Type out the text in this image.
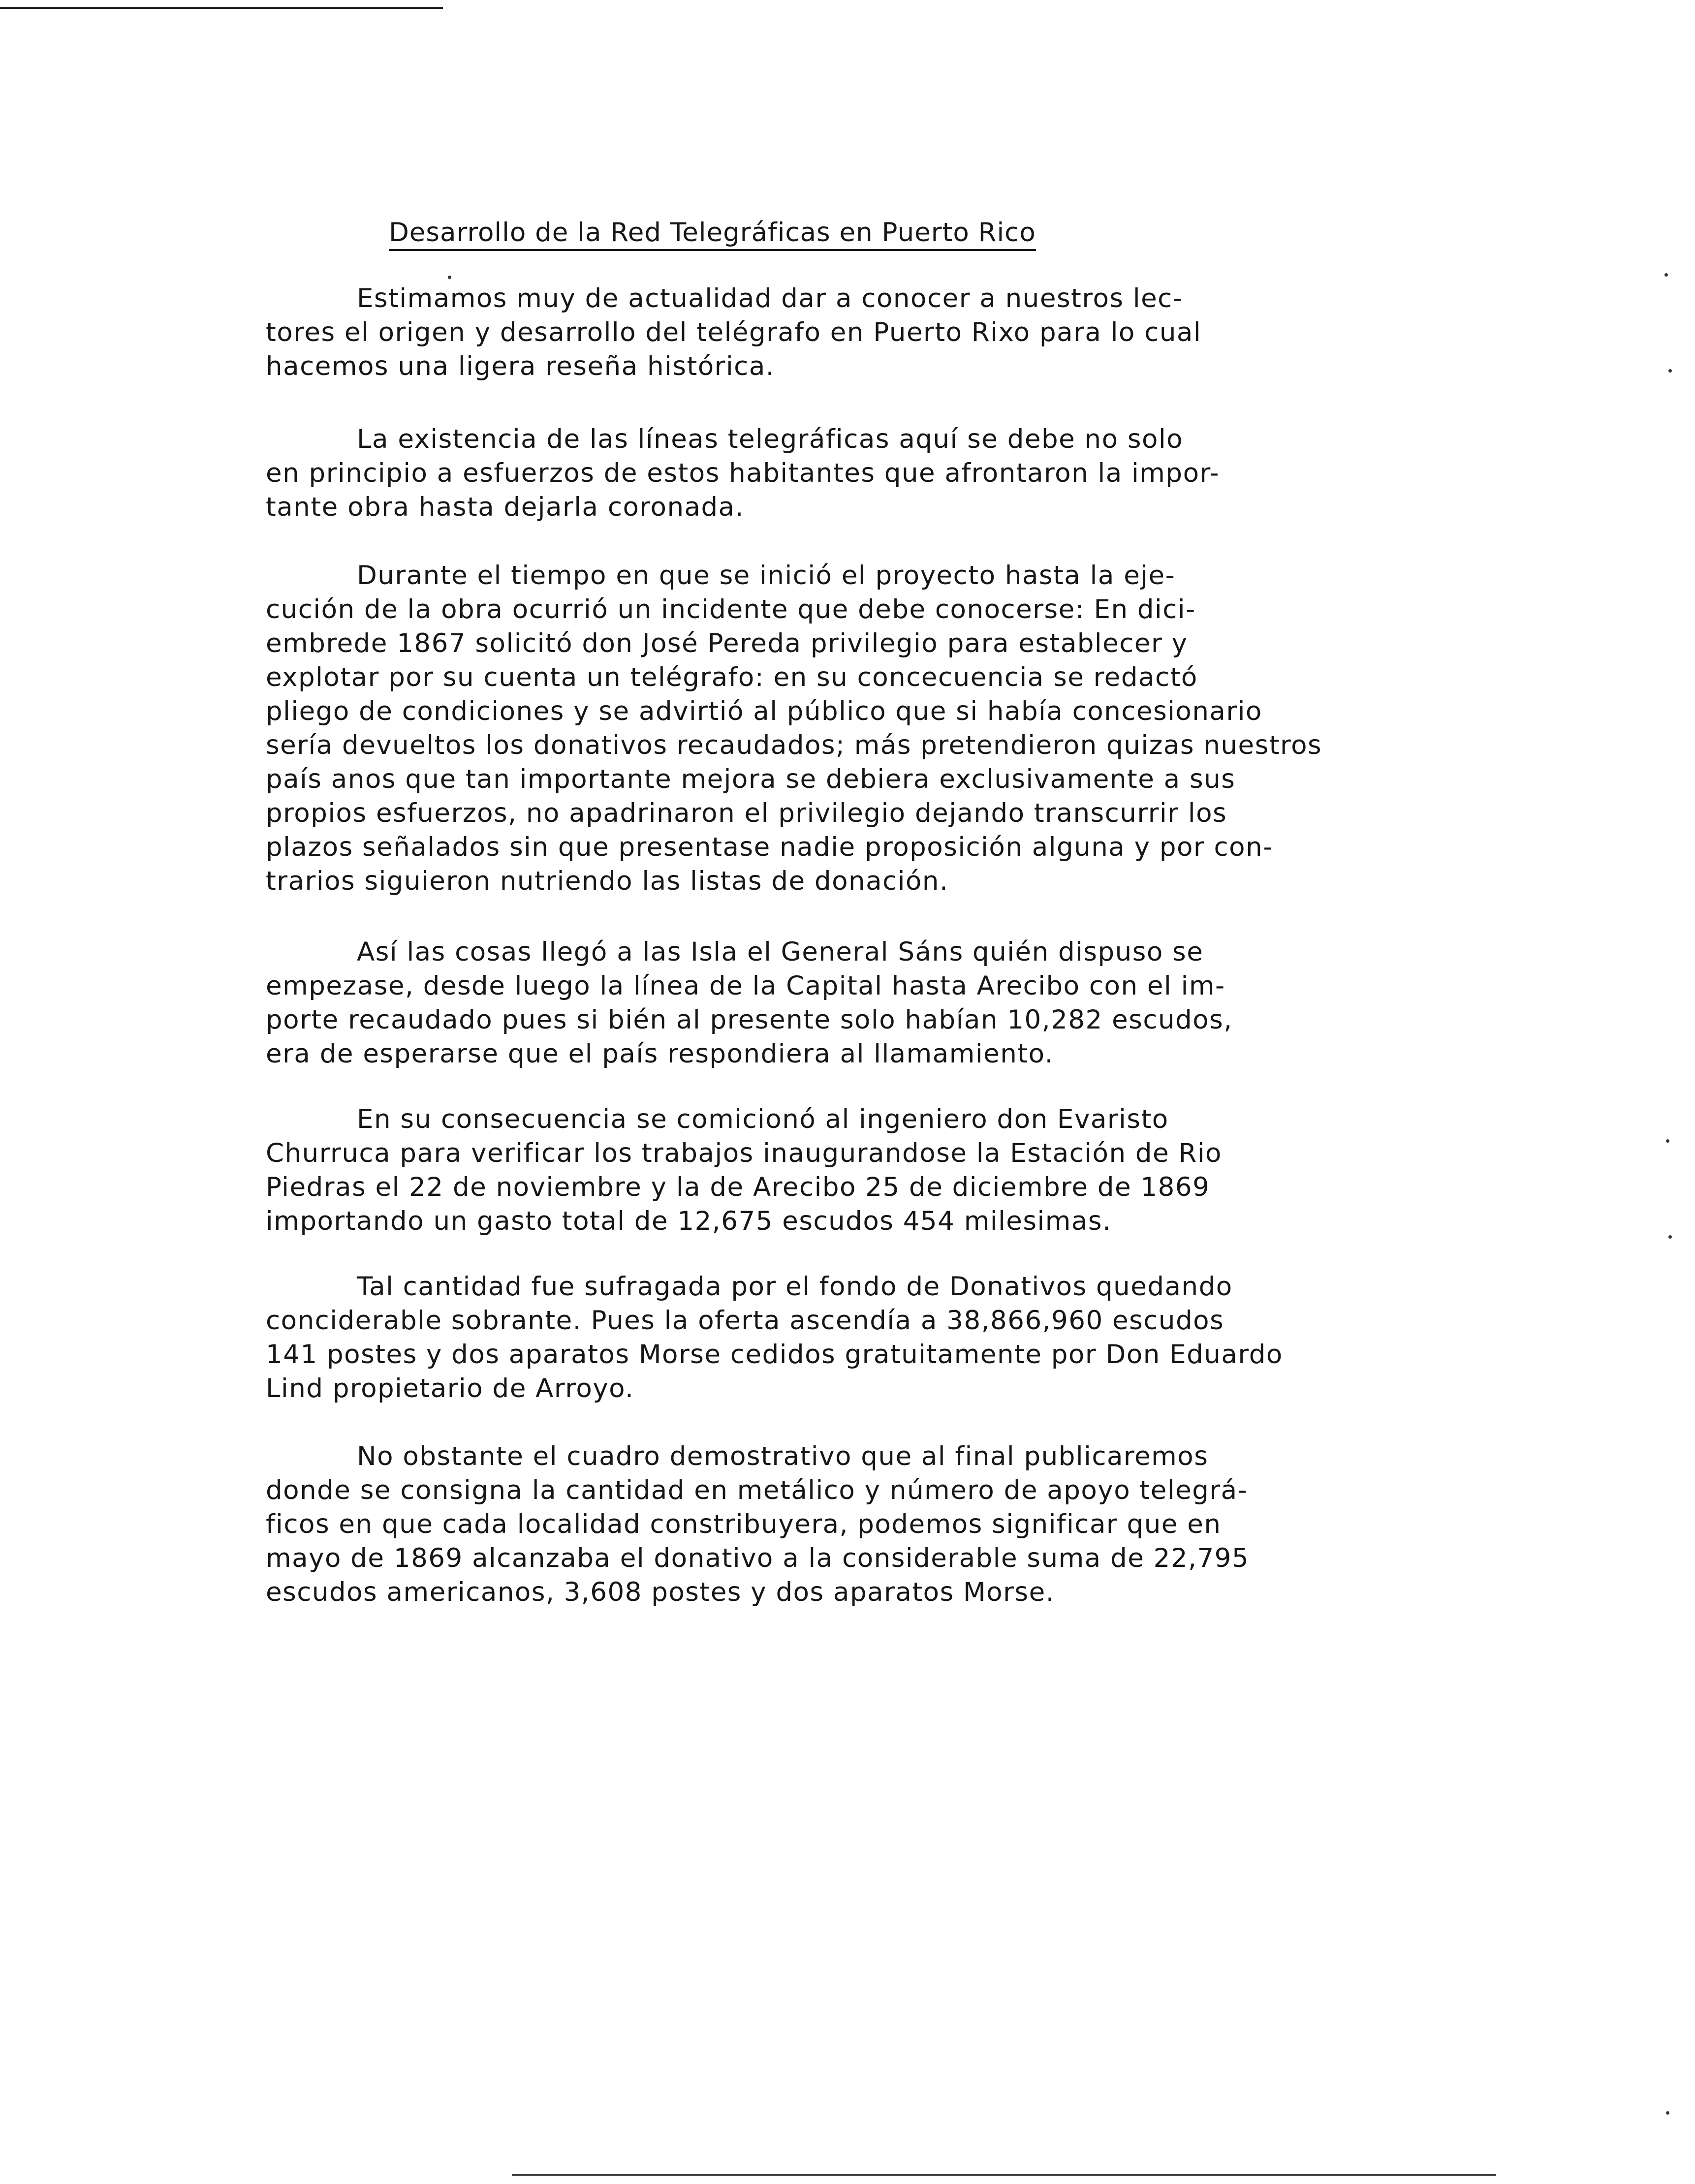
Desarrollo de la Red Telegráficas en Puerto Rico
Estimamos muy de actualidad dar a conocer a nuestros lec-
tores el origen y desarrollo del telégrafo en Puerto Rixo para lo cual
hacemos una ligera reseña histórica.
La existencia de las líneas telegráficas aquí se debe no solo
en principio a esfuerzos de estos habitantes que afrontaron la impor-
tante obra hasta dejarla coronada.
Durante el tiempo en que se inició el proyecto hasta la eje-
cución de la obra ocurrió un incidente que debe conocerse: En dici-
embrede 1867 solicitó don José Pereda privilegio para establecer y
explotar por su cuenta un telégrafo: en su concecuencia se redactó
pliego de condiciones y se advirtió al público que si había concesionario
sería devueltos los donativos recaudados; más pretendieron quizas nuestros
país anos que tan importante mejora se debiera exclusivamente a sus
propios esfuerzos, no apadrinaron el privilegio dejando transcurrir los
plazos señalados sin que presentase nadie proposición alguna y por con-
trarios siguieron nutriendo las listas de donación.
Así las cosas llegó a las Isla el General Sáns quién dispuso se
empezase, desde luego la línea de la Capital hasta Arecibo con el im-
porte recaudado pues si bién al presente solo habían 10,282 escudos,
era de esperarse que el país respondiera al llamamiento.
En su consecuencia se comicionó al ingeniero don Evaristo
Churruca para verificar los trabajos inaugurandose la Estación de Rio
Piedras el 22 de noviembre y la de Arecibo 25 de diciembre de 1869
importando un gasto total de 12,675 escudos 454 milesimas.
Tal cantidad fue sufragada por el fondo de Donativos quedando
conciderable sobrante. Pues la oferta ascendía a 38,866,960 escudos
141 postes y dos aparatos Morse cedidos gratuitamente por Don Eduardo
Lind propietario de Arroyo.
No obstante el cuadro demostrativo que al final publicaremos
donde se consigna la cantidad en metálico y número de apoyo telegrá-
ficos en que cada localidad constribuyera, podemos significar que en
mayo de 1869 alcanzaba el donativo a la considerable suma de 22,795
escudos americanos, 3,608 postes y dos aparatos Morse.
